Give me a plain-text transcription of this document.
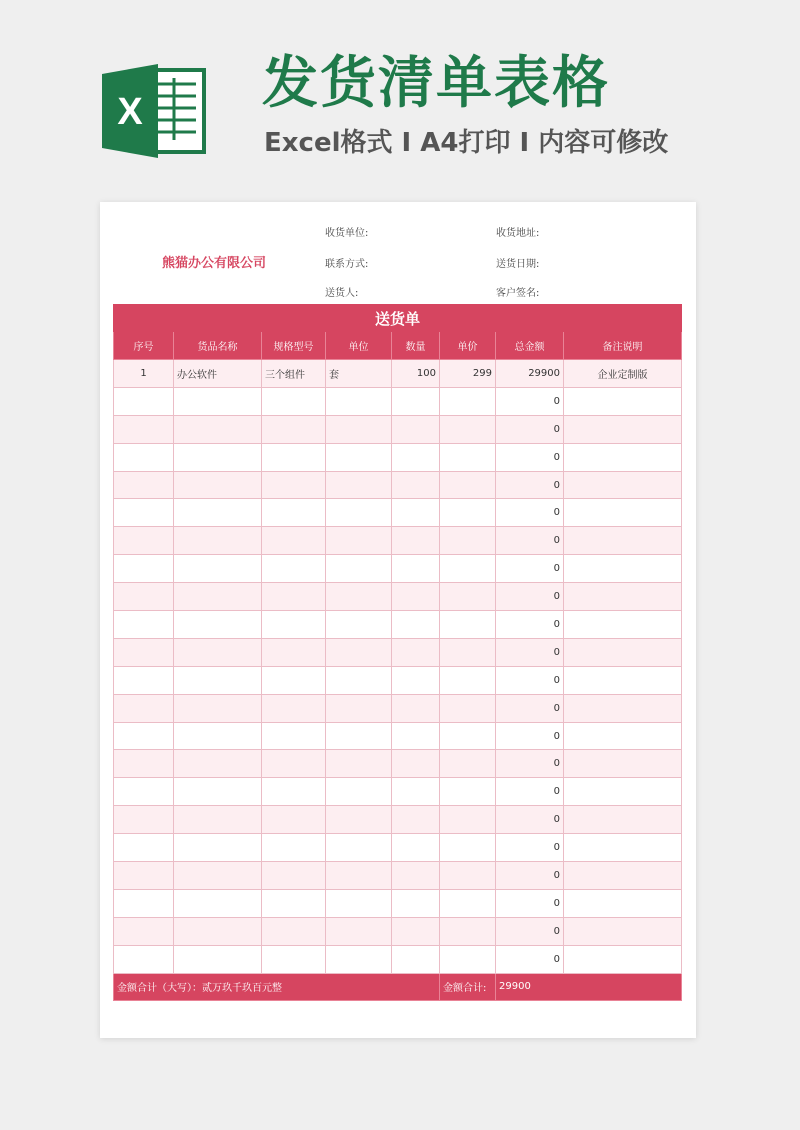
X 发货清单表格
Excel格式 I A4打印 I 内容可修改
熊猫办公有限公司
收货单位:	收货地址:
联系方式:	送货日期:
送货人:	客户签名:
送货单							
序号	货品名称	规格型号	单位	数量	单价	总金额	备注说明
1	办公软件	三个组件	套	100	299	29900	企业定制版
						0	
						0	
						0	
						0	
						0	
						0	
						0	
						0	
						0	
						0	
						0	
						0	
						0	
						0	
						0	
						0	
						0	
						0	
						0	
						0	
						0	
金额合计（大写）：贰万玖千玖百元整					金额合计:	29900	
